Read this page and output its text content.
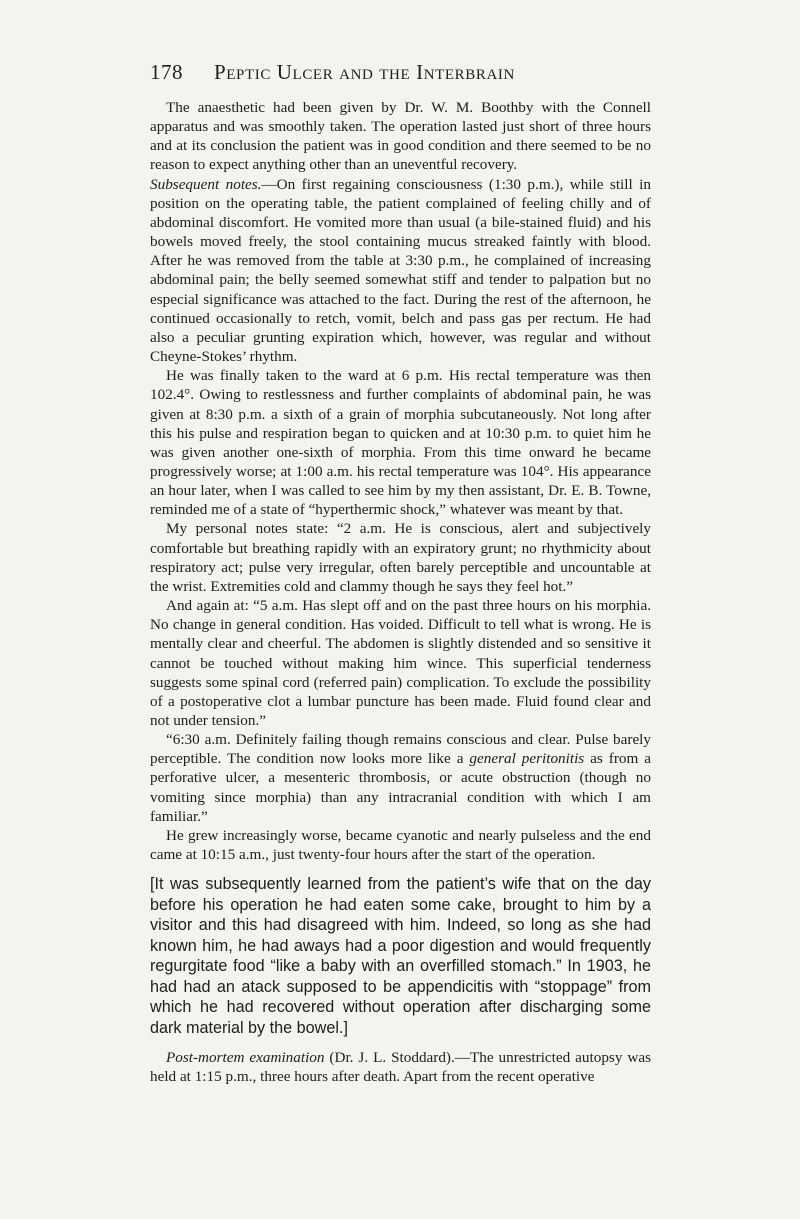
178 Peptic Ulcer and the Interbrain

The anaesthetic had been given by Dr. W. M. Boothby with the Connell apparatus and was smoothly taken. The operation lasted just short of three hours and at its conclusion the patient was in good condition and there seemed to be no reason to expect anything other than an uneventful recovery.

Subsequent notes.—On first regaining consciousness (1:30 p.m.), while still in position on the operating table, the patient complained of feeling chilly and of abdominal discomfort. He vomited more than usual (a bile-stained fluid) and his bowels moved freely, the stool containing mucus streaked faintly with blood. After he was removed from the table at 3:30 p.m., he complained of increasing abdominal pain; the belly seemed somewhat stiff and tender to palpation but no especial significance was attached to the fact. During the rest of the afternoon, he continued occasionally to retch, vomit, belch and pass gas per rectum. He had also a peculiar grunting expiration which, however, was regular and without Cheyne-Stokes’ rhythm.

He was finally taken to the ward at 6 p.m. His rectal temperature was then 102.4°. Owing to restlessness and further complaints of abdominal pain, he was given at 8:30 p.m. a sixth of a grain of morphia subcutaneously. Not long after this his pulse and respiration began to quicken and at 10:30 p.m. to quiet him he was given another one-sixth of morphia. From this time onward he became progressively worse; at 1:00 a.m. his rectal temperature was 104°. His appearance an hour later, when I was called to see him by my then assistant, Dr. E. B. Towne, reminded me of a state of “hyperthermic shock,” whatever was meant by that.

My personal notes state: “2 a.m. He is conscious, alert and subjectively comfortable but breathing rapidly with an expiratory grunt; no rhythmicity about respiratory act; pulse very irregular, often barely perceptible and uncountable at the wrist. Extremities cold and clammy though he says they feel hot.”

And again at: “5 a.m. Has slept off and on the past three hours on his morphia. No change in general condition. Has voided. Difficult to tell what is wrong. He is mentally clear and cheerful. The abdomen is slightly distended and so sensitive it cannot be touched without making him wince. This superficial tenderness suggests some spinal cord (referred pain) complication. To exclude the possibility of a postoperative clot a lumbar puncture has been made. Fluid found clear and not under tension.”

“6:30 a.m. Definitely failing though remains conscious and clear. Pulse barely perceptible. The condition now looks more like a general peritonitis as from a perforative ulcer, a mesenteric thrombosis, or acute obstruction (though no vomiting since morphia) than any intracranial condition with which I am familiar.”

He grew increasingly worse, became cyanotic and nearly pulseless and the end came at 10:15 a.m., just twenty-four hours after the start of the operation.

[It was subsequently learned from the patient’s wife that on the day before his operation he had eaten some cake, brought to him by a visitor and this had disagreed with him. Indeed, so long as she had known him, he had aways had a poor digestion and would frequently regurgitate food “like a baby with an overfilled stomach.” In 1903, he had had an atack supposed to be appendicitis with “stoppage” from which he had recovered without operation after discharging some dark material by the bowel.]

Post-mortem examination (Dr. J. L. Stoddard).—The unrestricted autopsy was held at 1:15 p.m., three hours after death. Apart from the recent operative
